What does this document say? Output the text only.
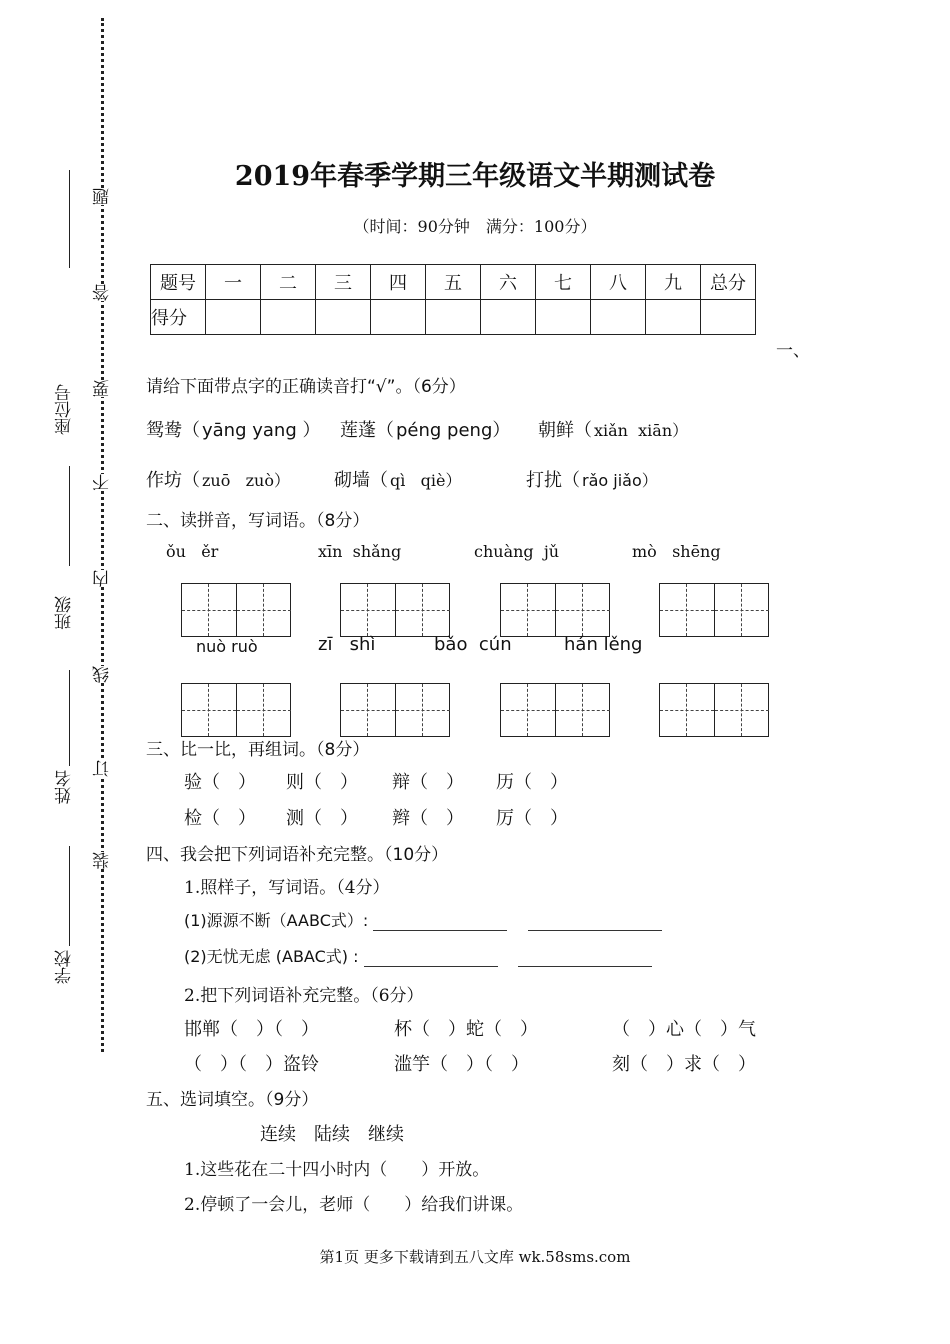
座位号
班级
姓名
学校
装
订
线
内
不
要
答
题
2019年春季学期三年级语文半期测试卷
（时间：90分钟　满分：100分）
题号	一	二	三	四	五	六	七	八	九	总分
得分										
一、
请给下面带点字的正确读音打“√”。（6分）
鸳鸯（ yāng yang ） 莲蓬（ péng peng） 朝鲜（ xiǎn  xiān）
作坊（ zuō   zuò） 砌墙（ qì   qiè）	打扰（ rǎo jiǎo）
二、读拼音，写词语。（8分）
ǒu   ěr	xīn  shǎng	chuàng  jǔ	mò   shēng
nuò ruò	zī   shì	bǎo  cún	hán lěng
三、比一比，再组词。（8分）
验（　） 则（　） 辩（　） 历（　）
检（　） 测（　） 辫（　） 厉（　）
四、我会把下列词语补充完整。（10分）
1.照样子，写词语。（4分）
(1)源源不断（AABC式）:
(2)无忧无虑 (ABAC式) :
2.把下列词语补充完整。（6分）
邯郸（　）（　）	杯（　）蛇（　）	（　）心（　）气
（　）（　）盗铃	滥竽（　）（　）	刻（　）求（　）
五、选词填空。（9分）
连续　陆续　继续
1.这些花在二十四小时内（　　）开放。
2.停顿了一会儿，老师（　　）给我们讲课。
第1页 更多下载请到五八文库 wk.58sms.com
